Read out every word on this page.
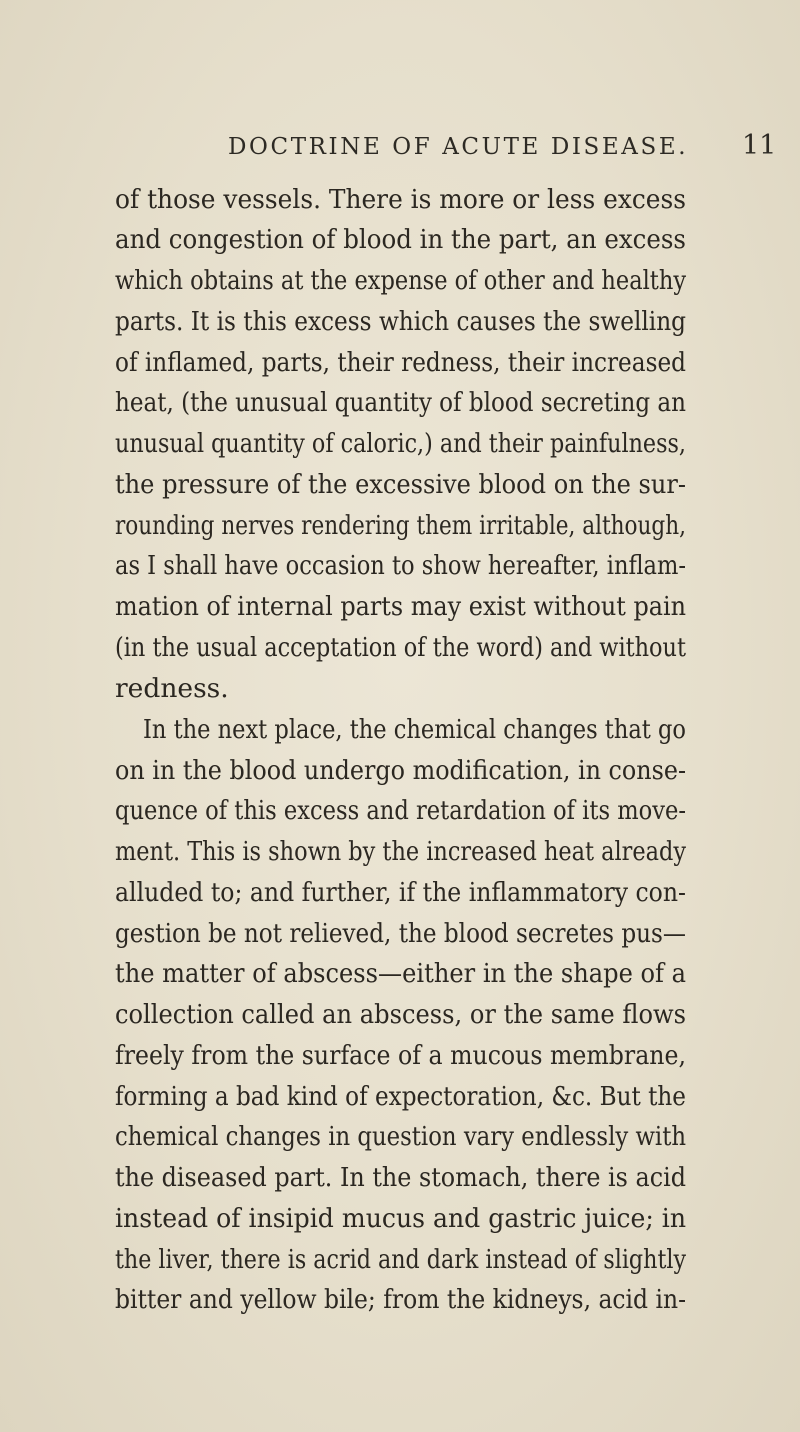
DOCTRINE OF ACUTE DISEASE. 11
of those vessels. There is more or less excess
and congestion of blood in the part, an excess
which obtains at the expense of other and healthy
parts. It is this excess which causes the swelling
of inflamed, parts, their redness, their increased
heat, (the unusual quantity of blood secreting an
unusual quantity of caloric,) and their painfulness,
the pressure of the excessive blood on the sur-
rounding nerves rendering them irritable, although,
as I shall have occasion to show hereafter, inflam-
mation of internal parts may exist without pain
(in the usual acceptation of the word) and without
redness.
In the next place, the chemical changes that go
on in the blood undergo modification, in conse-
quence of this excess and retardation of its move-
ment. This is shown by the increased heat already
alluded to; and further, if the inflammatory con-
gestion be not relieved, the blood secretes pus—
the matter of abscess—either in the shape of a
collection called an abscess, or the same flows
freely from the surface of a mucous membrane,
forming a bad kind of expectoration, &c. But the
chemical changes in question vary endlessly with
the diseased part. In the stomach, there is acid
instead of insipid mucus and gastric juice; in
the liver, there is acrid and dark instead of slightly
bitter and yellow bile; from the kidneys, acid in-
